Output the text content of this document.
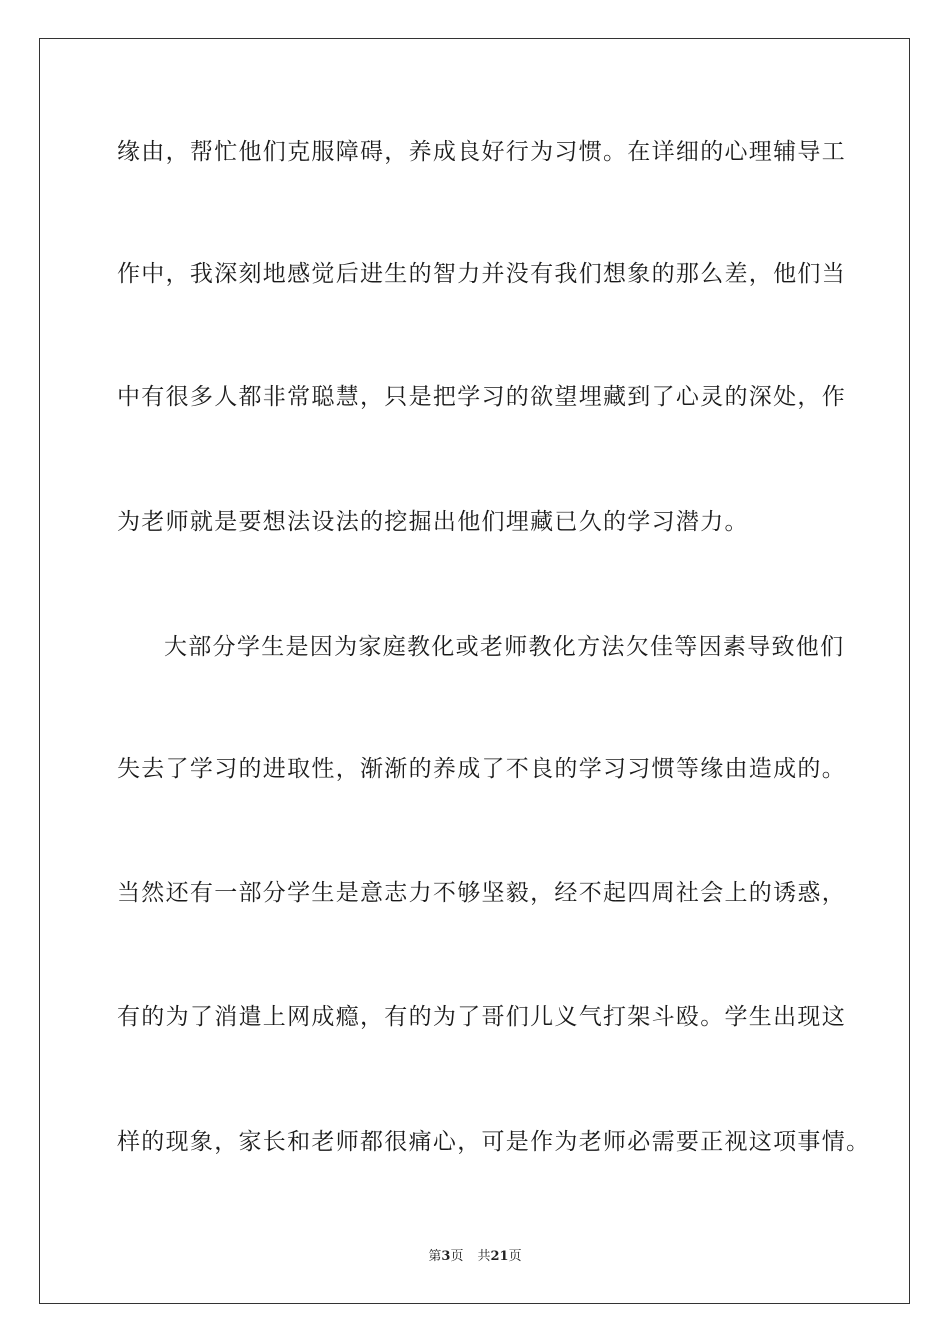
缘由，帮忙他们克服障碍，养成良好行为习惯。在详细的心理辅导工
作中，我深刻地感觉后进生的智力并没有我们想象的那么差，他们当
中有很多人都非常聪慧，只是把学习的欲望埋藏到了心灵的深处，作
为老师就是要想法设法的挖掘出他们埋藏已久的学习潜力。
大部分学生是因为家庭教化或老师教化方法欠佳等因素导致他们
失去了学习的进取性，渐渐的养成了不良的学习习惯等缘由造成的。
当然还有一部分学生是意志力不够坚毅，经不起四周社会上的诱惑，
有的为了消遣上网成瘾，有的为了哥们儿义气打架斗殴。学生出现这
样的现象，家长和老师都很痛心，可是作为老师必需要正视这项事情。
第3页 共21页
